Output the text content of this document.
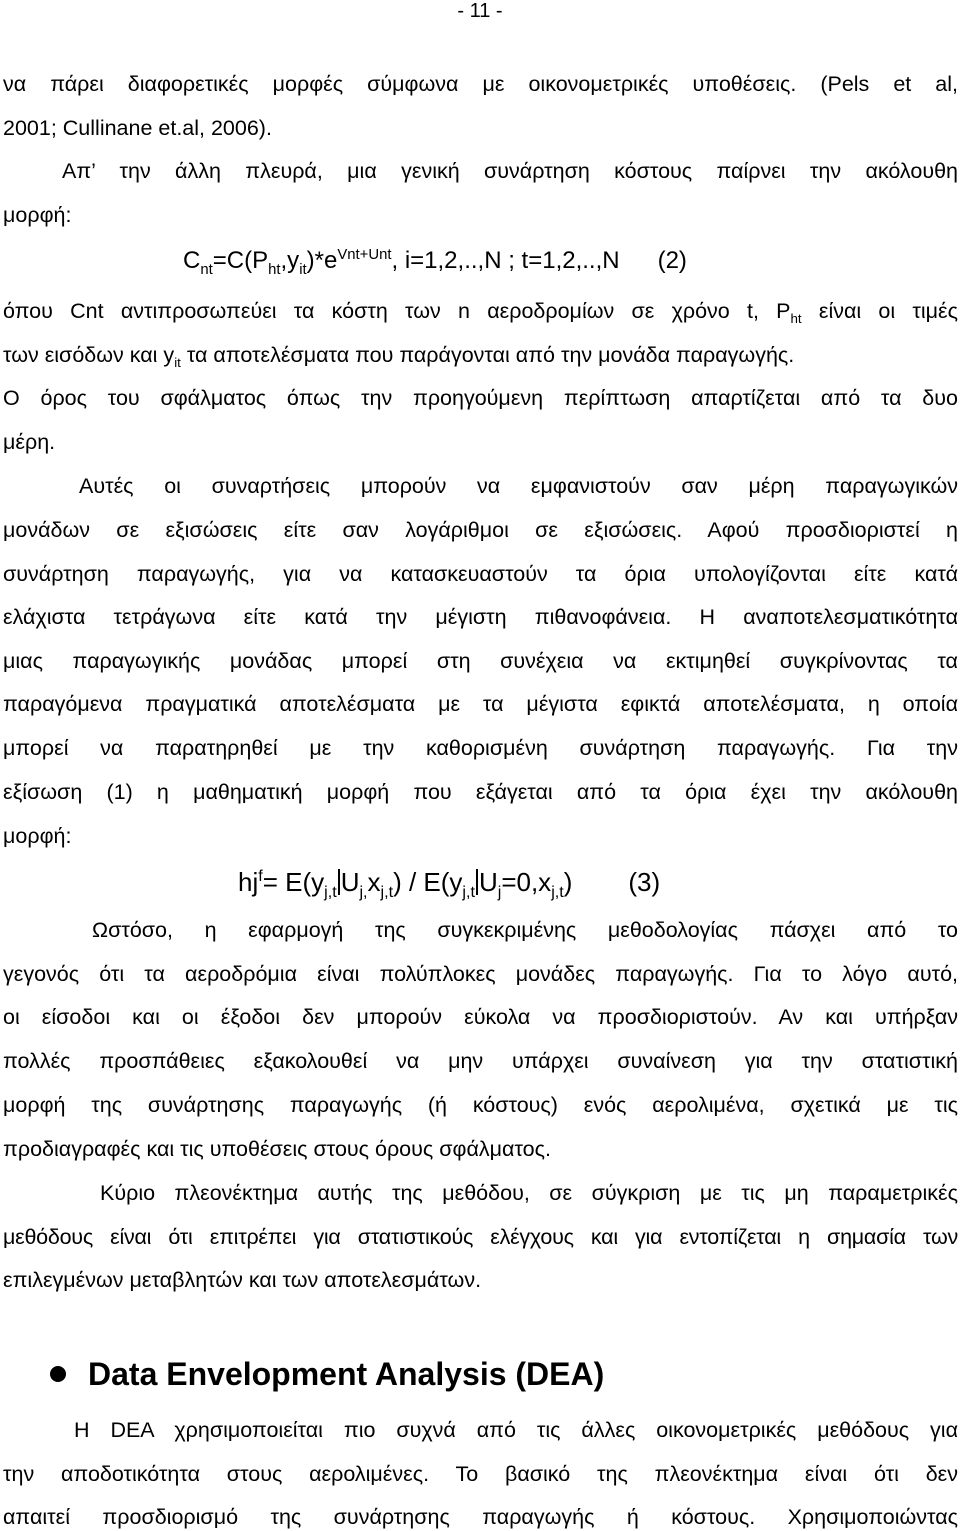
- 11 -
να πάρει διαφορετικές μορφές σύμφωνα με οικονομετρικές υποθέσεις. (Pels et al,
2001; Cullinane et.al, 2006).
Απ’ την άλλη πλευρά, μια γενική συνάρτηση κόστους παίρνει την ακόλουθη
μορφή:
$C_{nt}=C(P_{ht},y_{it})*e^{Vnt+Unt}$, i=1,2,..,N ; t=1,2,..,N (2)
όπου Cnt αντιπροσωπεύει τα κόστη των n αεροδρομίων σε χρόνο t, $P_{ht}$ είναι οι τιμές
των εισόδων και $y_{it}$ τα αποτελέσματα που παράγονται από την μονάδα παραγωγής.
Ο όρος του σφάλματος όπως την προηγούμενη περίπτωση απαρτίζεται από τα δυο
μέρη.
Αυτές οι συναρτήσεις μπορούν να εμφανιστούν σαν μέρη παραγωγικών
μονάδων σε εξισώσεις είτε σαν λογάριθμοι σε εξισώσεις. Αφού προσδιοριστεί η
συνάρτηση παραγωγής, για να κατασκευαστούν τα όρια υπολογίζονται είτε κατά
ελάχιστα τετράγωνα είτε κατά την μέγιστη πιθανοφάνεια. Η αναποτελεσματικότητα
μιας παραγωγικής μονάδας μπορεί στη συνέχεια να εκτιμηθεί συγκρίνοντας τα
παραγόμενα πραγματικά αποτελέσματα με τα μέγιστα εφικτά αποτελέσματα, η οποία
μπορεί να παρατηρηθεί με την καθορισμένη συνάρτηση παραγωγής. Για την
εξίσωση (1) η μαθηματική μορφή που εξάγεται από τα όρια έχει την ακόλουθη
μορφή:
$hj^f= E(y_{j,t}$ $U_{j,}x_{j,t}) / E(y_{j,t}$ $U_j=0,x_{j,t}$) (3)
Ωστόσο, η εφαρμογή της συγκεκριμένης μεθοδολογίας πάσχει από το
γεγονός ότι τα αεροδρόμια είναι πολύπλοκες μονάδες παραγωγής. Για το λόγο αυτό,
οι είσοδοι και οι έξοδοι δεν μπορούν εύκολα να προσδιοριστούν. Αν και υπήρξαν
πολλές προσπάθειες εξακολουθεί να μην υπάρχει συναίνεση για την στατιστική
μορφή της συνάρτησης παραγωγής (ή κόστους) ενός αερολιμένα, σχετικά με τις
προδιαγραφές και τις υποθέσεις στους όρους σφάλματος.
Κύριο πλεονέκτημα αυτής της μεθόδου, σε σύγκριση με τις μη παραμετρικές
μεθόδους είναι ότι επιτρέπει για στατιστικούς ελέγχους και για εντοπίζεται η σημασία των
επιλεγμένων μεταβλητών και των αποτελεσμάτων.
Data Envelopment Analysis (DEA)
Η DEA χρησιμοποιείται πιο συχνά από τις άλλες οικονομετρικές μεθόδους για
την αποδοτικότητα στους αερολιμένες. Το βασικό της πλεονέκτημα είναι ότι δεν
απαιτεί προσδιορισμό της συνάρτησης παραγωγής ή κόστους. Χρησιμοποιώντας
